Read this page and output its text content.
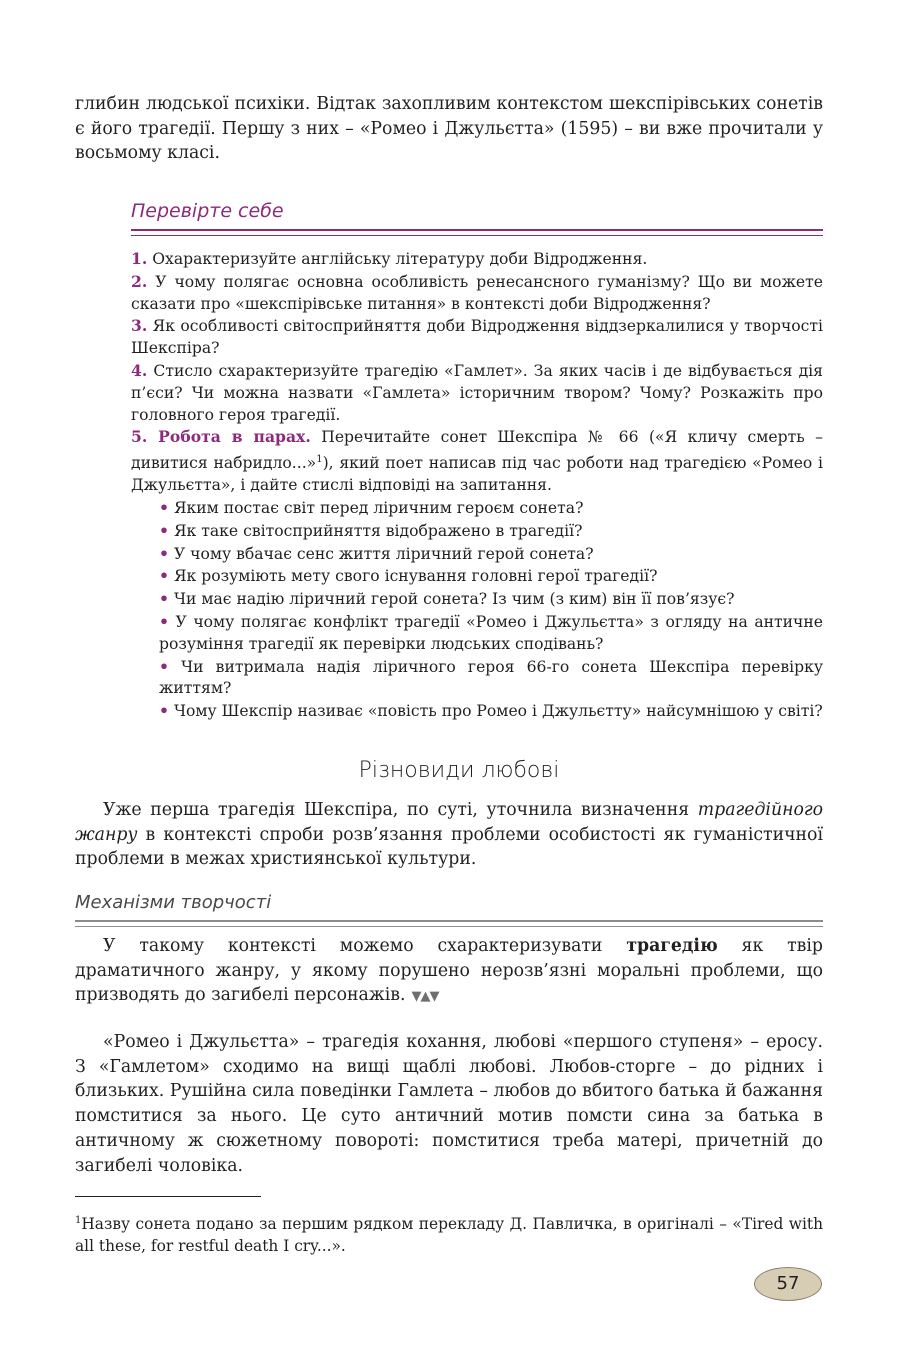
глибин людської психіки. Відтак захопливим контекстом шекспірівських сонетів є його трагедії. Першу з них – «Ромео і Джульєтта» (1595) – ви вже прочитали у восьмому класі.

Перевірте себе

1. Охарактеризуйте англійську літературу доби Відродження.

2. У чому полягає основна особливість ренесансного гуманізму? Що ви можете сказати про «шекспірівське питання» в контексті доби Відродження?

3. Як особливості світосприйняття доби Відродження віддзеркалилися у творчості Шекспіра?

4. Стисло схарактеризуйте трагедію «Гамлет». За яких часів і де відбувається дія п’єси? Чи можна назвати «Гамлета» історичним твором? Чому? Розкажіть про головного героя трагедії.

5. Робота в парах. Перечитайте сонет Шекспіра № 66 («Я кличу смерть – дивитися набридло...»$^1$), який поет написав під час роботи над трагедією «Ромео і Джульєтта», і дайте стислі відповіді на запитання.

• Яким постає світ перед ліричним героєм сонета?
• Як таке світосприйняття відображено в трагедії?
• У чому вбачає сенс життя ліричний герой сонета?
• Як розуміють мету свого існування головні герої трагедії?
• Чи має надію ліричний герой сонета? Із чим (з ким) він її пов’язує?
• У чому полягає конфлікт трагедії «Ромео і Джульєтта» з огляду на античне розуміння трагедії як перевірки людських сподівань?
• Чи витримала надія ліричного героя 66-го сонета Шекспіра перевірку життям?
• Чому Шекспір називає «повість про Ромео і Джульєтту» найсумнішою у світі?
Різновиди любові

Уже перша трагедія Шекспіра, по суті, уточнила визначення трагедійного жанру в контексті спроби розв’язання проблеми особистості як гуманістичної проблеми в межах християнської культури.

Механізми творчості

У такому контексті можемо схарактеризувати трагедію як твір драматичного жанру, у якому порушено нерозв’язні моральні проблеми, що призводять до загибелі персонажів. ▼▲▼

«Ромео і Джульєтта» – трагедія кохання, любові «першого ступеня» – еросу. З «Гамлетом» сходимо на вищі щаблі любові. Любов-сторге – до рідних і близьких. Рушійна сила поведінки Гамлета – любов до вбитого батька й бажання помститися за нього. Це суто античний мотив помсти сина за батька в античному ж сюжетному повороті: помститися треба матері, причетній до загибелі чоловіка.

$^1$Назву сонета подано за першим рядком перекладу Д. Павличка, в оригіналі – «Tired with all these, for restful death I cry...».

57
